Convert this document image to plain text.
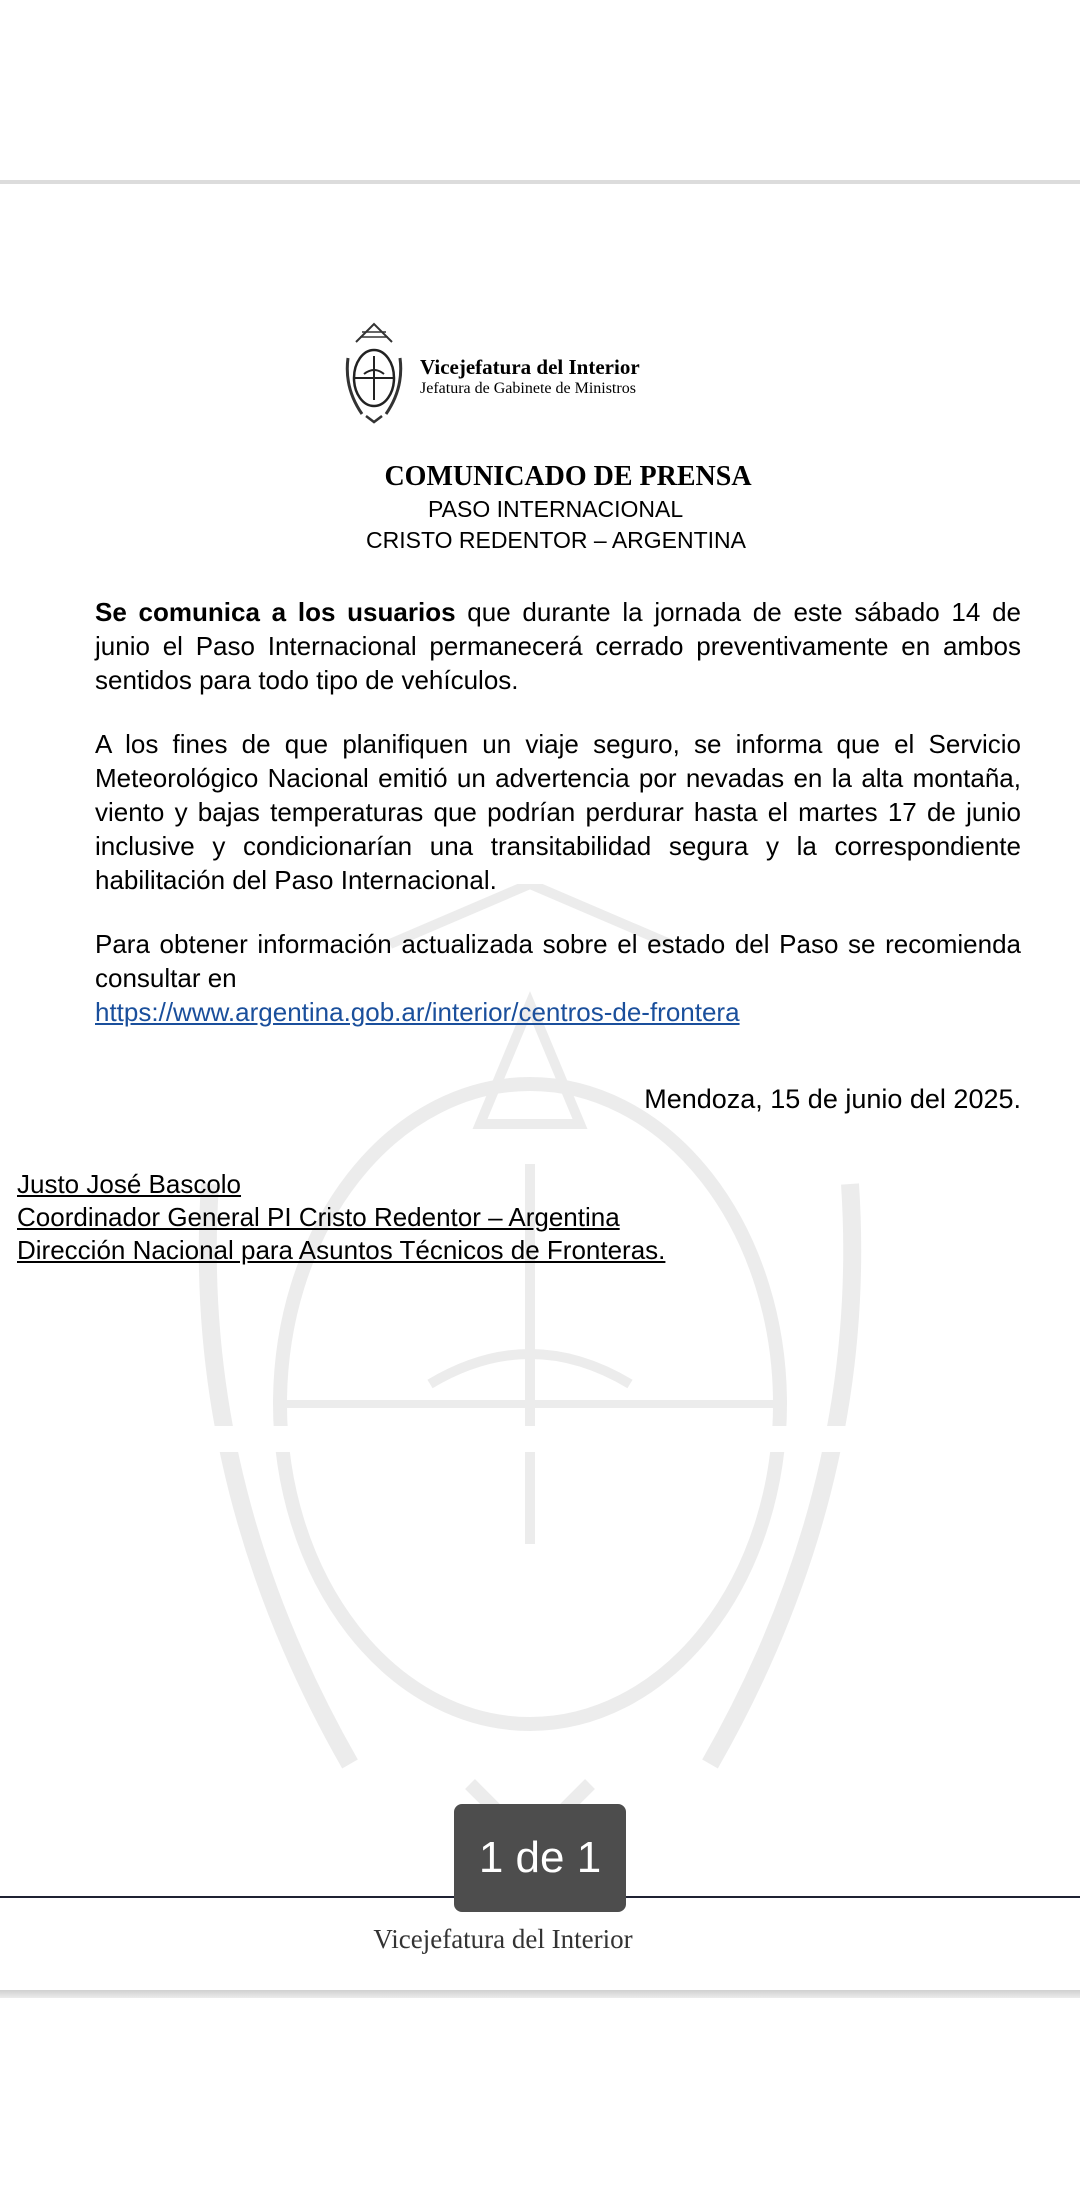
Vicejefatura del Interior

Jefatura de Gabinete de Ministros

COMUNICADO DE PRENSA
PASO INTERNACIONAL
CRISTO REDENTOR – ARGENTINA

Se comunica a los usuarios que durante la jornada de este sábado 14 de junio el Paso Internacional permanecerá cerrado preventivamente en ambos sentidos para todo tipo de vehículos.

A los fines de que planifiquen un viaje seguro, se informa que el Servicio Meteorológico Nacional emitió un advertencia por nevadas en la alta montaña, viento y bajas temperaturas que podrían perdurar hasta el martes 17 de junio inclusive y condicionarían una transitabilidad segura y la correspondiente habilitación del Paso Internacional.

Para obtener información actualizada sobre el estado del Paso se recomienda consultar en
https://www.argentina.gob.ar/interior/centros-de-frontera

Mendoza, 15 de junio del 2025.
Justo José Bascolo
Coordinador General PI Cristo Redentor – Argentina
Dirección Nacional para Asuntos Técnicos de Fronteras.
Vicejefatura del Interior
1 de 1
